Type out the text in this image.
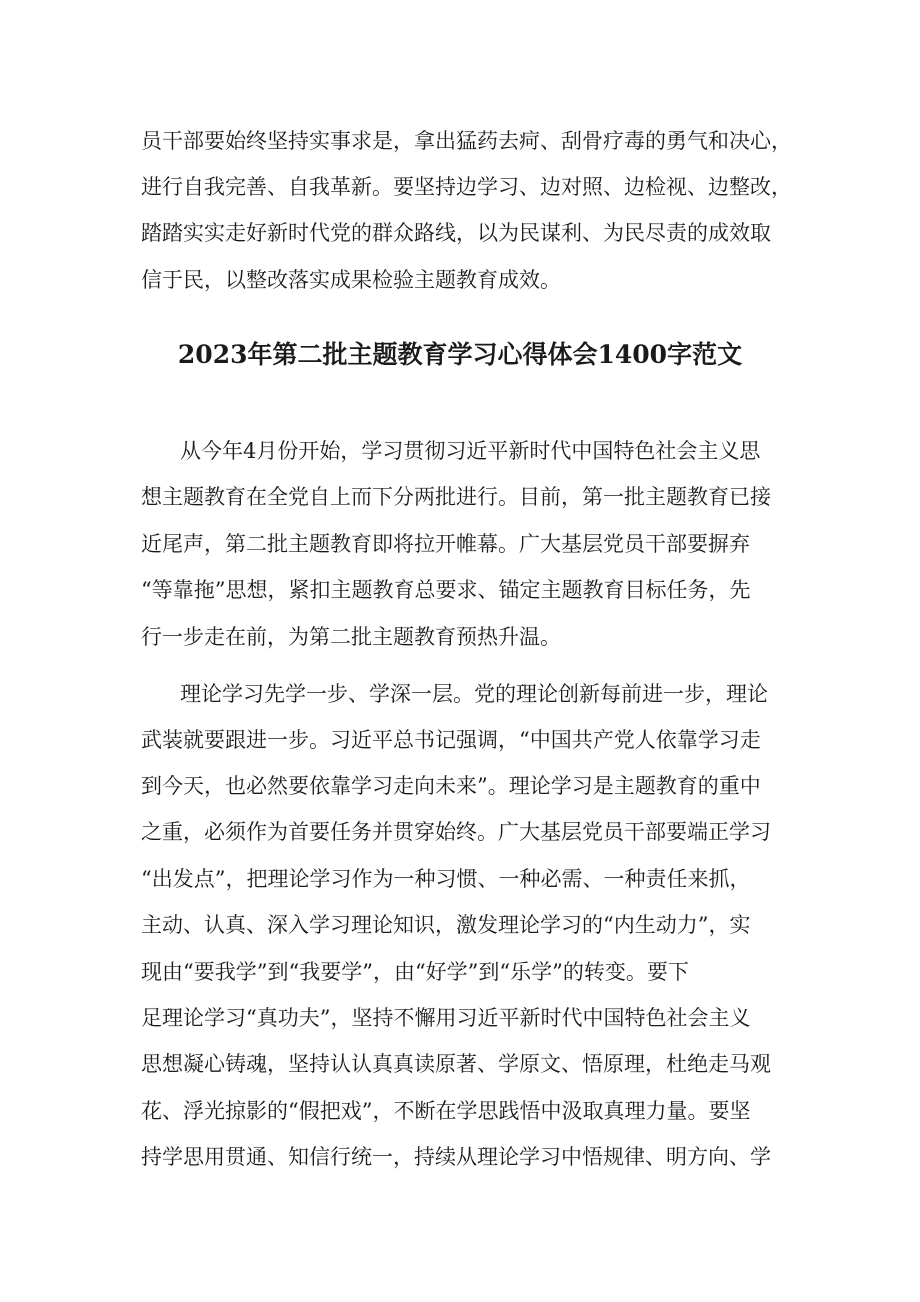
员干部要始终坚持实事求是，拿出猛药去疴、刮骨疗毒的勇气和决心，
进行自我完善、自我革新。要坚持边学习、边对照、边检视、边整改，
踏踏实实走好新时代党的群众路线，以为民谋利、为民尽责的成效取
信于民，以整改落实成果检验主题教育成效。
2023年第二批主题教育学习心得体会1400字范文
从今年4月份开始，学习贯彻习近平新时代中国特色社会主义思
想主题教育在全党自上而下分两批进行。目前，第一批主题教育已接
近尾声，第二批主题教育即将拉开帷幕。广大基层党员干部要摒弃
“等靠拖”思想，紧扣主题教育总要求、锚定主题教育目标任务，先
行一步走在前，为第二批主题教育预热升温。
理论学习先学一步、学深一层。党的理论创新每前进一步，理论
武装就要跟进一步。习近平总书记强调，“中国共产党人依靠学习走
到今天，也必然要依靠学习走向未来”。理论学习是主题教育的重中
之重，必须作为首要任务并贯穿始终。广大基层党员干部要端正学习
“出发点”，把理论学习作为一种习惯、一种必需、一种责任来抓，
主动、认真、深入学习理论知识，激发理论学习的“内生动力”，实
现由“要我学”到“我要学”，由“好学”到“乐学”的转变。要下
足理论学习“真功夫”，坚持不懈用习近平新时代中国特色社会主义
思想凝心铸魂，坚持认认真真读原著、学原文、悟原理，杜绝走马观
花、浮光掠影的“假把戏”，不断在学思践悟中汲取真理力量。要坚
持学思用贯通、知信行统一，持续从理论学习中悟规律、明方向、学
